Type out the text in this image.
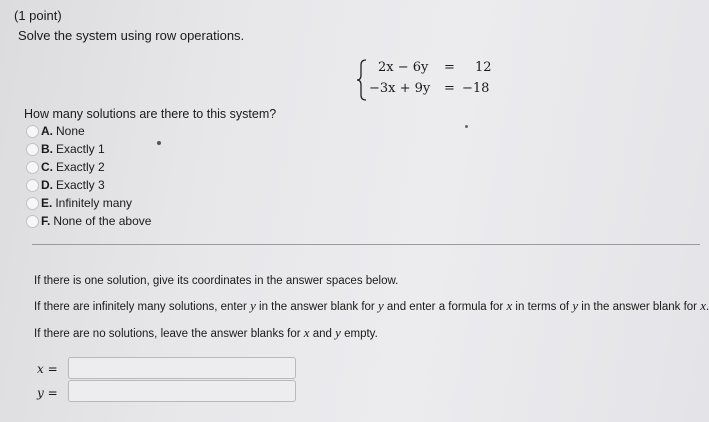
(1 point)
Solve the system using row operations.
2x − 6y = 12
−3x + 9y = −18
How many solutions are there to this system?
A. None
B. Exactly 1
C. Exactly 2
D. Exactly 3
E. Infinitely many
F. None of the above
If there is one solution, give its coordinates in the answer spaces below.
If there are infinitely many solutions, enter y in the answer blank for y and enter a formula for x in terms of y in the answer blank for x.
If there are no solutions, leave the answer blanks for x and y empty.
x =
y =
